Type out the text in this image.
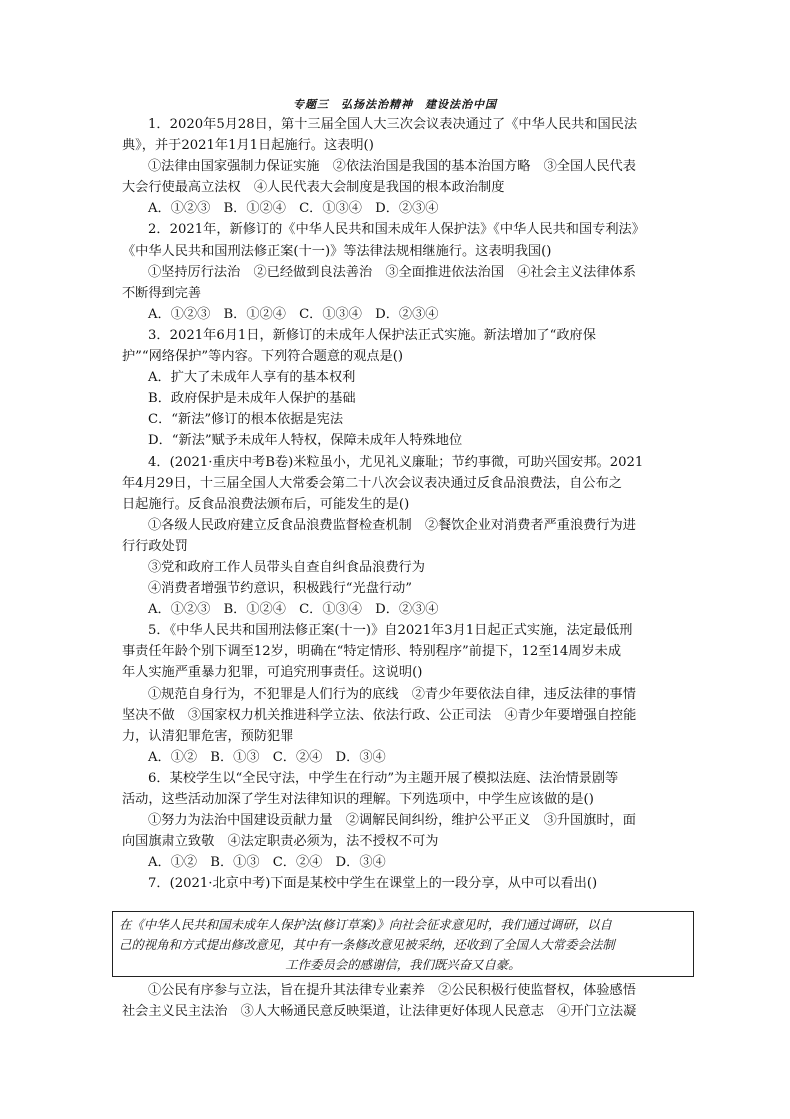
专题三　弘扬法治精神　建设法治中国
1．2020年5月28日，第十三届全国人大三次会议表决通过了《中华人民共和国民法
典》，并于2021年1月1日起施行。这表明()
①法律由国家强制力保证实施　②依法治国是我国的基本治国方略　③全国人民代表
大会行使最高立法权　④人民代表大会制度是我国的根本政治制度
A．①②③　B．①②④　C．①③④　D．②③④
2．2021年，新修订的《中华人民共和国未成年人保护法》《中华人民共和国专利法》
《中华人民共和国刑法修正案(十一)》等法律法规相继施行。这表明我国()
①坚持厉行法治　②已经做到良法善治　③全面推进依法治国　④社会主义法律体系
不断得到完善
A．①②③　B．①②④　C．①③④　D．②③④
3．2021年6月1日，新修订的未成年人保护法正式实施。新法增加了“政府保
护”“网络保护”等内容。下列符合题意的观点是()
A．扩大了未成年人享有的基本权利
B．政府保护是未成年人保护的基础
C．“新法”修订的根本依据是宪法
D．“新法”赋予未成年人特权，保障未成年人特殊地位
4．(2021·重庆中考B卷)米粒虽小，尤见礼义廉耻；节约事微，可助兴国安邦。2021
年4月29日，十三届全国人大常委会第二十八次会议表决通过反食品浪费法，自公布之
日起施行。反食品浪费法颁布后，可能发生的是()
①各级人民政府建立反食品浪费监督检查机制　②餐饮企业对消费者严重浪费行为进
行行政处罚
③党和政府工作人员带头自查自纠食品浪费行为
④消费者增强节约意识，积极践行“光盘行动”
A．①②③　B．①②④　C．①③④　D．②③④
5．《中华人民共和国刑法修正案(十一)》自2021年3月1日起正式实施，法定最低刑
事责任年龄个别下调至12岁，明确在“特定情形、特别程序”前提下，12至14周岁未成
年人实施严重暴力犯罪，可追究刑事责任。这说明()
①规范自身行为，不犯罪是人们行为的底线　②青少年要依法自律，违反法律的事情
坚决不做　③国家权力机关推进科学立法、依法行政、公正司法　④青少年要增强自控能
力，认清犯罪危害，预防犯罪
A．①②　B．①③　C．②④　D．③④
6．某校学生以“全民守法，中学生在行动”为主题开展了模拟法庭、法治情景剧等
活动，这些活动加深了学生对法律知识的理解。下列选项中，中学生应该做的是()
①努力为法治中国建设贡献力量　②调解民间纠纷，维护公平正义　③升国旗时，面
向国旗肃立致敬　④法定职责必须为，法不授权不可为
A．①②　B．①③　C．②④　D．③④
7．(2021·北京中考)下面是某校中学生在课堂上的一段分享，从中可以看出()
在《中华人民共和国未成年人保护法(修订草案)》向社会征求意见时，我们通过调研，以自
己的视角和方式提出修改意见，其中有一条修改意见被采纳，还收到了全国人大常委会法制
工作委员会的感谢信，我们既兴奋又自豪。
①公民有序参与立法，旨在提升其法律专业素养　②公民积极行使监督权，体验感悟
社会主义民主法治　③人大畅通民意反映渠道，让法律更好体现人民意志　④开门立法凝
